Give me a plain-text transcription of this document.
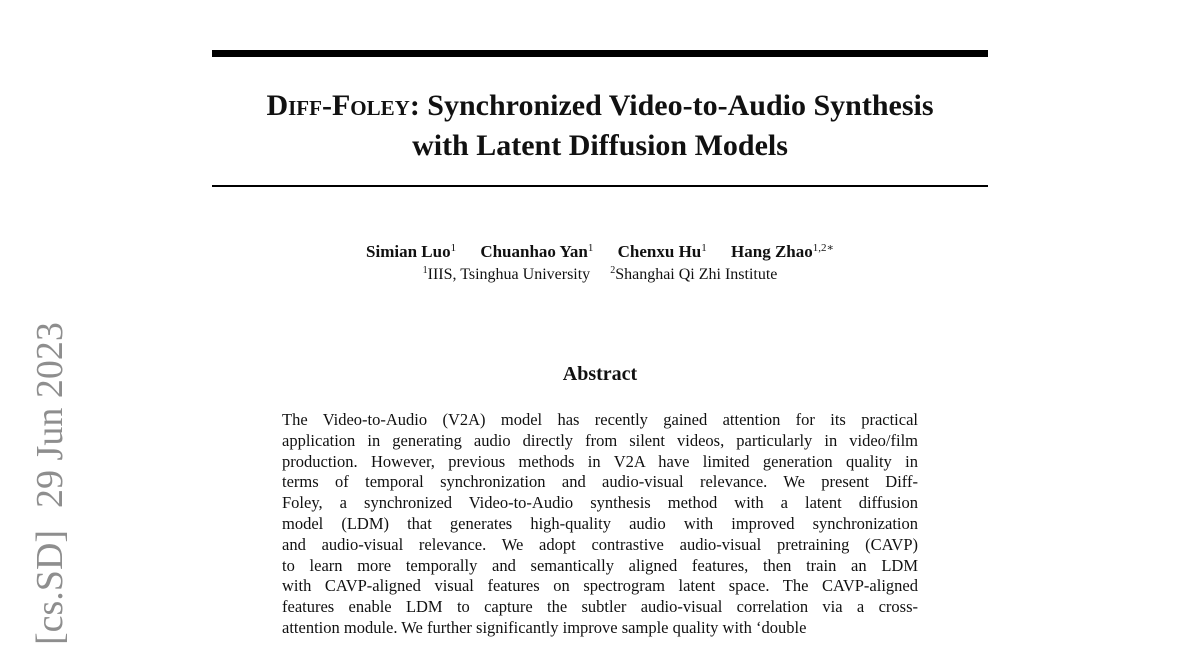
Diff-Foley: Synchronized Video-to-Audio Synthesis
with Latent Diffusion Models
Simian Luo$^1$ Chuanhao Yan$^1$ Chenxu Hu$^1$ Hang Zhao$^{1,2∗}$
$^1$IIIS, Tsinghua University $^2$Shanghai Qi Zhi Institute
Abstract
The Video-to-Audio (V2A) model has recently gained attention for its practical
application in generating audio directly from silent videos, particularly in video/film
production. However, previous methods in V2A have limited generation quality in
terms of temporal synchronization and audio-visual relevance. We present Diff-
Foley, a synchronized Video-to-Audio synthesis method with a latent diffusion
model (LDM) that generates high-quality audio with improved synchronization
and audio-visual relevance. We adopt contrastive audio-visual pretraining (CAVP)
to learn more temporally and semantically aligned features, then train an LDM
with CAVP-aligned visual features on spectrogram latent space. The CAVP-aligned
features enable LDM to capture the subtler audio-visual correlation via a cross-
attention module. We further significantly improve sample quality with ‘double
[cs.SD]29 Jun 2023
